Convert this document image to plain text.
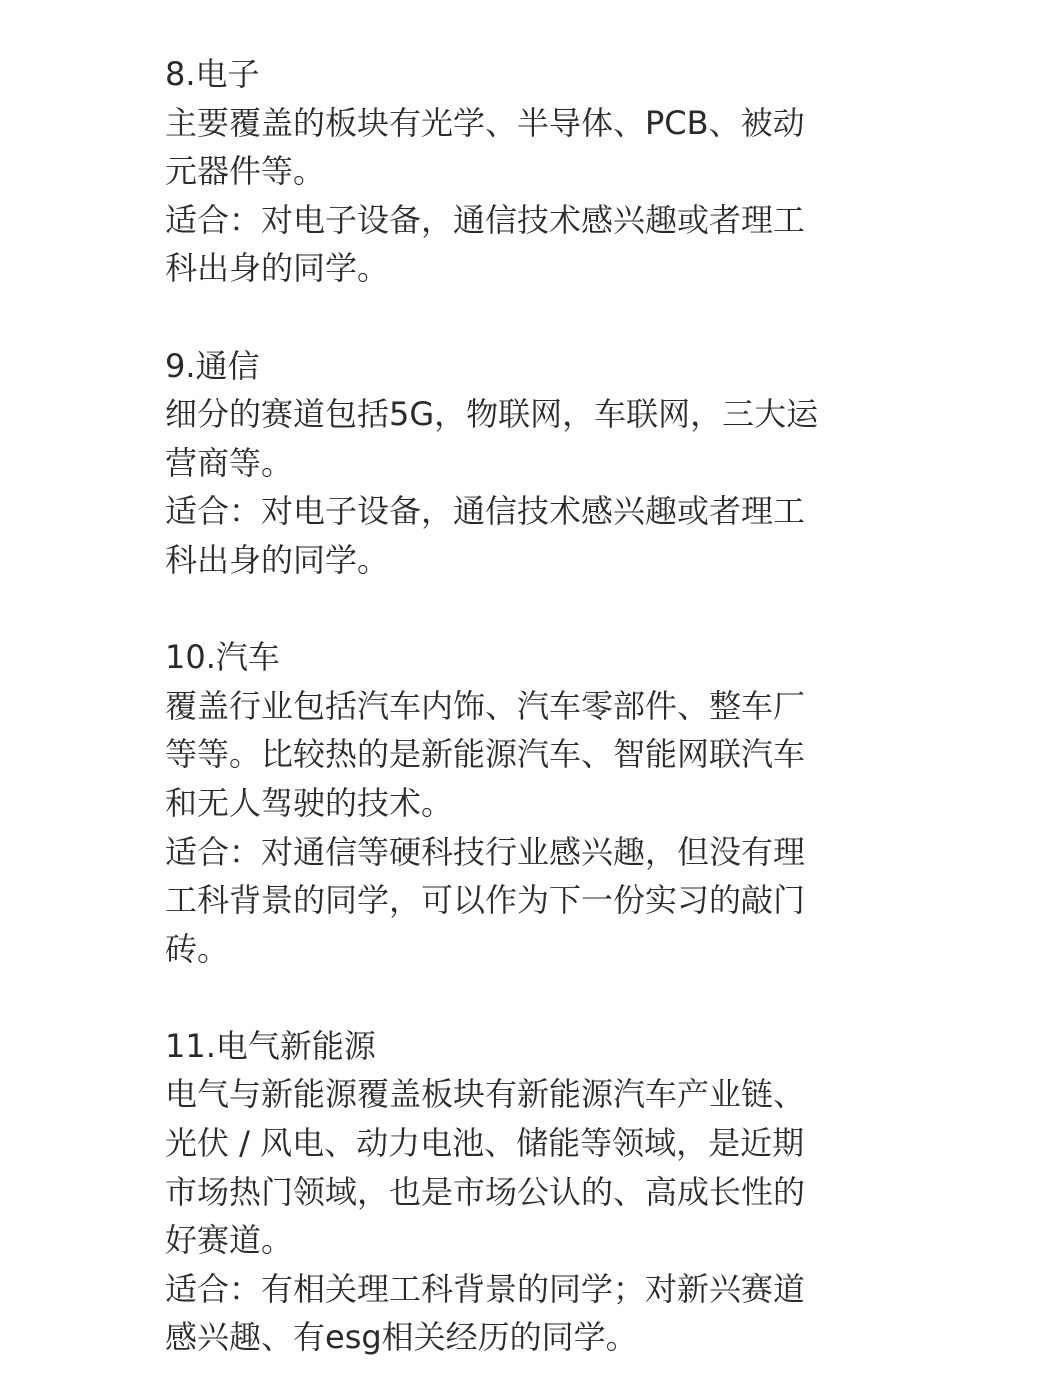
8.电子
主要覆盖的板块有光学、半导体、PCB、被动
元器件等。
适合：对电子设备，通信技术感兴趣或者理工
科出身的同学。
9.通信
细分的赛道包括5G，物联网，车联网，三大运
营商等。
适合：对电子设备，通信技术感兴趣或者理工
科出身的同学。
10.汽车
覆盖行业包括汽车内饰、汽车零部件、整车厂
等等。比较热的是新能源汽车、智能网联汽车
和无人驾驶的技术。
适合：对通信等硬科技行业感兴趣，但没有理
工科背景的同学，可以作为下一份实习的敲门
砖。
11.电气新能源
电气与新能源覆盖板块有新能源汽车产业链、
光伏 / 风电、动力电池、储能等领域，是近期
市场热门领域，也是市场公认的、高成长性的
好赛道。
适合：有相关理工科背景的同学；对新兴赛道
感兴趣、有esg相关经历的同学。
